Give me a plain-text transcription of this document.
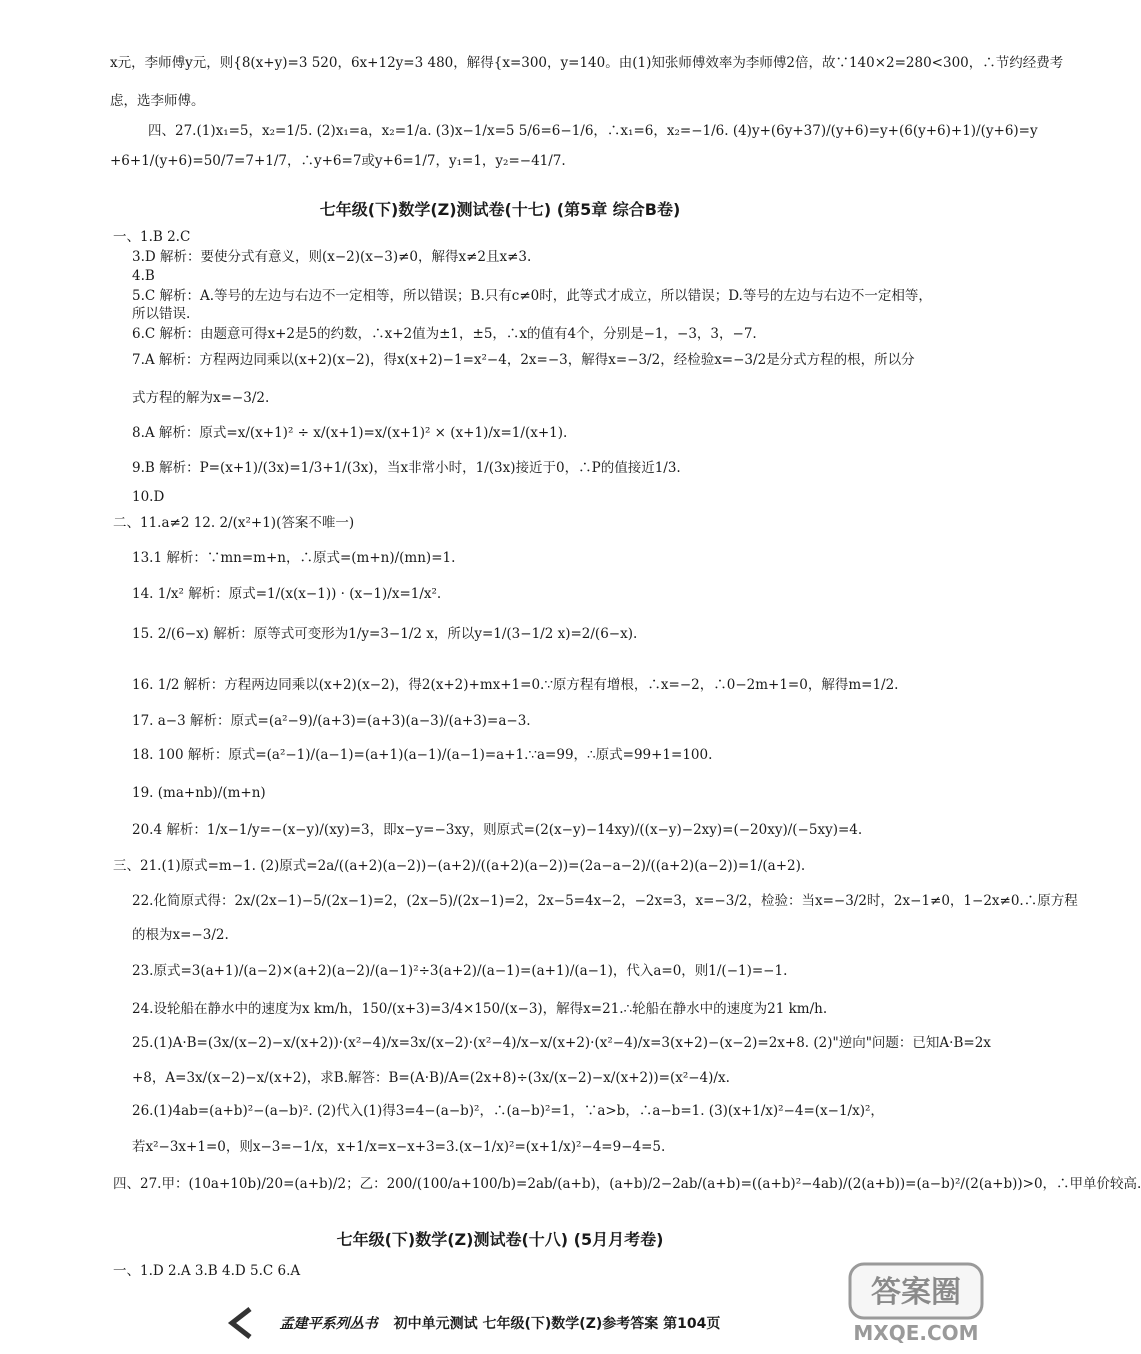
x元，李师傅y元，则{8(x+y)=3 520，6x+12y=3 480，解得{x=300，y=140。由(1)知张师傅效率为李师傅2倍，故∵140×2=280<300，∴节约经费考
虑，选李师傅。
四、27.(1)x₁=5，x₂=1/5. (2)x₁=a，x₂=1/a. (3)x−1/x=5 5/6=6−1/6，∴x₁=6，x₂=−1/6. (4)y+(6y+37)/(y+6)=y+(6(y+6)+1)/(y+6)=y
+6+1/(y+6)=50/7=7+1/7，∴y+6=7或y+6=1/7，y₁=1，y₂=−41/7.
七年级(下)数学(Z)测试卷(十七) (第5章 综合B卷)
一、1.B 2.C
3.D 解析：要使分式有意义，则(x−2)(x−3)≠0，解得x≠2且x≠3.
4.B
5.C 解析：A.等号的左边与右边不一定相等，所以错误；B.只有c≠0时，此等式才成立，所以错误；D.等号的左边与右边不一定相等，
所以错误.
6.C 解析：由题意可得x+2是5的约数，∴x+2值为±1，±5，∴x的值有4个，分别是−1，−3，3，−7.
7.A 解析：方程两边同乘以(x+2)(x−2)，得x(x+2)−1=x²−4，2x=−3，解得x=−3/2，经检验x=−3/2是分式方程的根，所以分
式方程的解为x=−3/2.
8.A 解析：原式=x/(x+1)² ÷ x/(x+1)=x/(x+1)² × (x+1)/x=1/(x+1).
9.B 解析：P=(x+1)/(3x)=1/3+1/(3x)，当x非常小时，1/(3x)接近于0，∴P的值接近1/3.
10.D
二、11.a≠2 12. 2/(x²+1)(答案不唯一)
13.1 解析：∵mn=m+n，∴原式=(m+n)/(mn)=1.
14. 1/x² 解析：原式=1/(x(x−1)) · (x−1)/x=1/x².
15. 2/(6−x) 解析：原等式可变形为1/y=3−1/2 x，所以y=1/(3−1/2 x)=2/(6−x).
16. 1/2 解析：方程两边同乘以(x+2)(x−2)，得2(x+2)+mx+1=0.∵原方程有增根，∴x=−2，∴0−2m+1=0，解得m=1/2.
17. a−3 解析：原式=(a²−9)/(a+3)=(a+3)(a−3)/(a+3)=a−3.
18. 100 解析：原式=(a²−1)/(a−1)=(a+1)(a−1)/(a−1)=a+1.∵a=99，∴原式=99+1=100.
19. (ma+nb)/(m+n)
20.4 解析：1/x−1/y=−(x−y)/(xy)=3，即x−y=−3xy，则原式=(2(x−y)−14xy)/((x−y)−2xy)=(−20xy)/(−5xy)=4.
三、21.(1)原式=m−1. (2)原式=2a/((a+2)(a−2))−(a+2)/((a+2)(a−2))=(2a−a−2)/((a+2)(a−2))=1/(a+2).
22.化简原式得：2x/(2x−1)−5/(2x−1)=2，(2x−5)/(2x−1)=2，2x−5=4x−2，−2x=3，x=−3/2，检验：当x=−3/2时，2x−1≠0，1−2x≠0.∴原方程
的根为x=−3/2.
23.原式=3(a+1)/(a−2)×(a+2)(a−2)/(a−1)²÷3(a+2)/(a−1)=(a+1)/(a−1)，代入a=0，则1/(−1)=−1.
24.设轮船在静水中的速度为x km/h，150/(x+3)=3/4×150/(x−3)，解得x=21.∴轮船在静水中的速度为21 km/h.
25.(1)A·B=(3x/(x−2)−x/(x+2))·(x²−4)/x=3x/(x−2)·(x²−4)/x−x/(x+2)·(x²−4)/x=3(x+2)−(x−2)=2x+8. (2)"逆向"问题：已知A·B=2x
+8，A=3x/(x−2)−x/(x+2)，求B.解答：B=(A·B)/A=(2x+8)÷(3x/(x−2)−x/(x+2))=(x²−4)/x.
26.(1)4ab=(a+b)²−(a−b)². (2)代入(1)得3=4−(a−b)²，∴(a−b)²=1，∵a>b，∴a−b=1. (3)(x+1/x)²−4=(x−1/x)²，
若x²−3x+1=0，则x−3=−1/x，x+1/x=x−x+3=3.(x−1/x)²=(x+1/x)²−4=9−4=5.
四、27.甲：(10a+10b)/20=(a+b)/2；乙：200/(100/a+100/b)=2ab/(a+b)，(a+b)/2−2ab/(a+b)=((a+b)²−4ab)/(2(a+b))=(a−b)²/(2(a+b))>0，∴甲单价较高.
七年级(下)数学(Z)测试卷(十八) (5月月考卷)
一、1.D 2.A 3.B 4.D 5.C 6.A
孟建平系列丛书 初中单元测试 七年级(下)数学(Z)参考答案 第104页
答案圈
MXQE.COM
